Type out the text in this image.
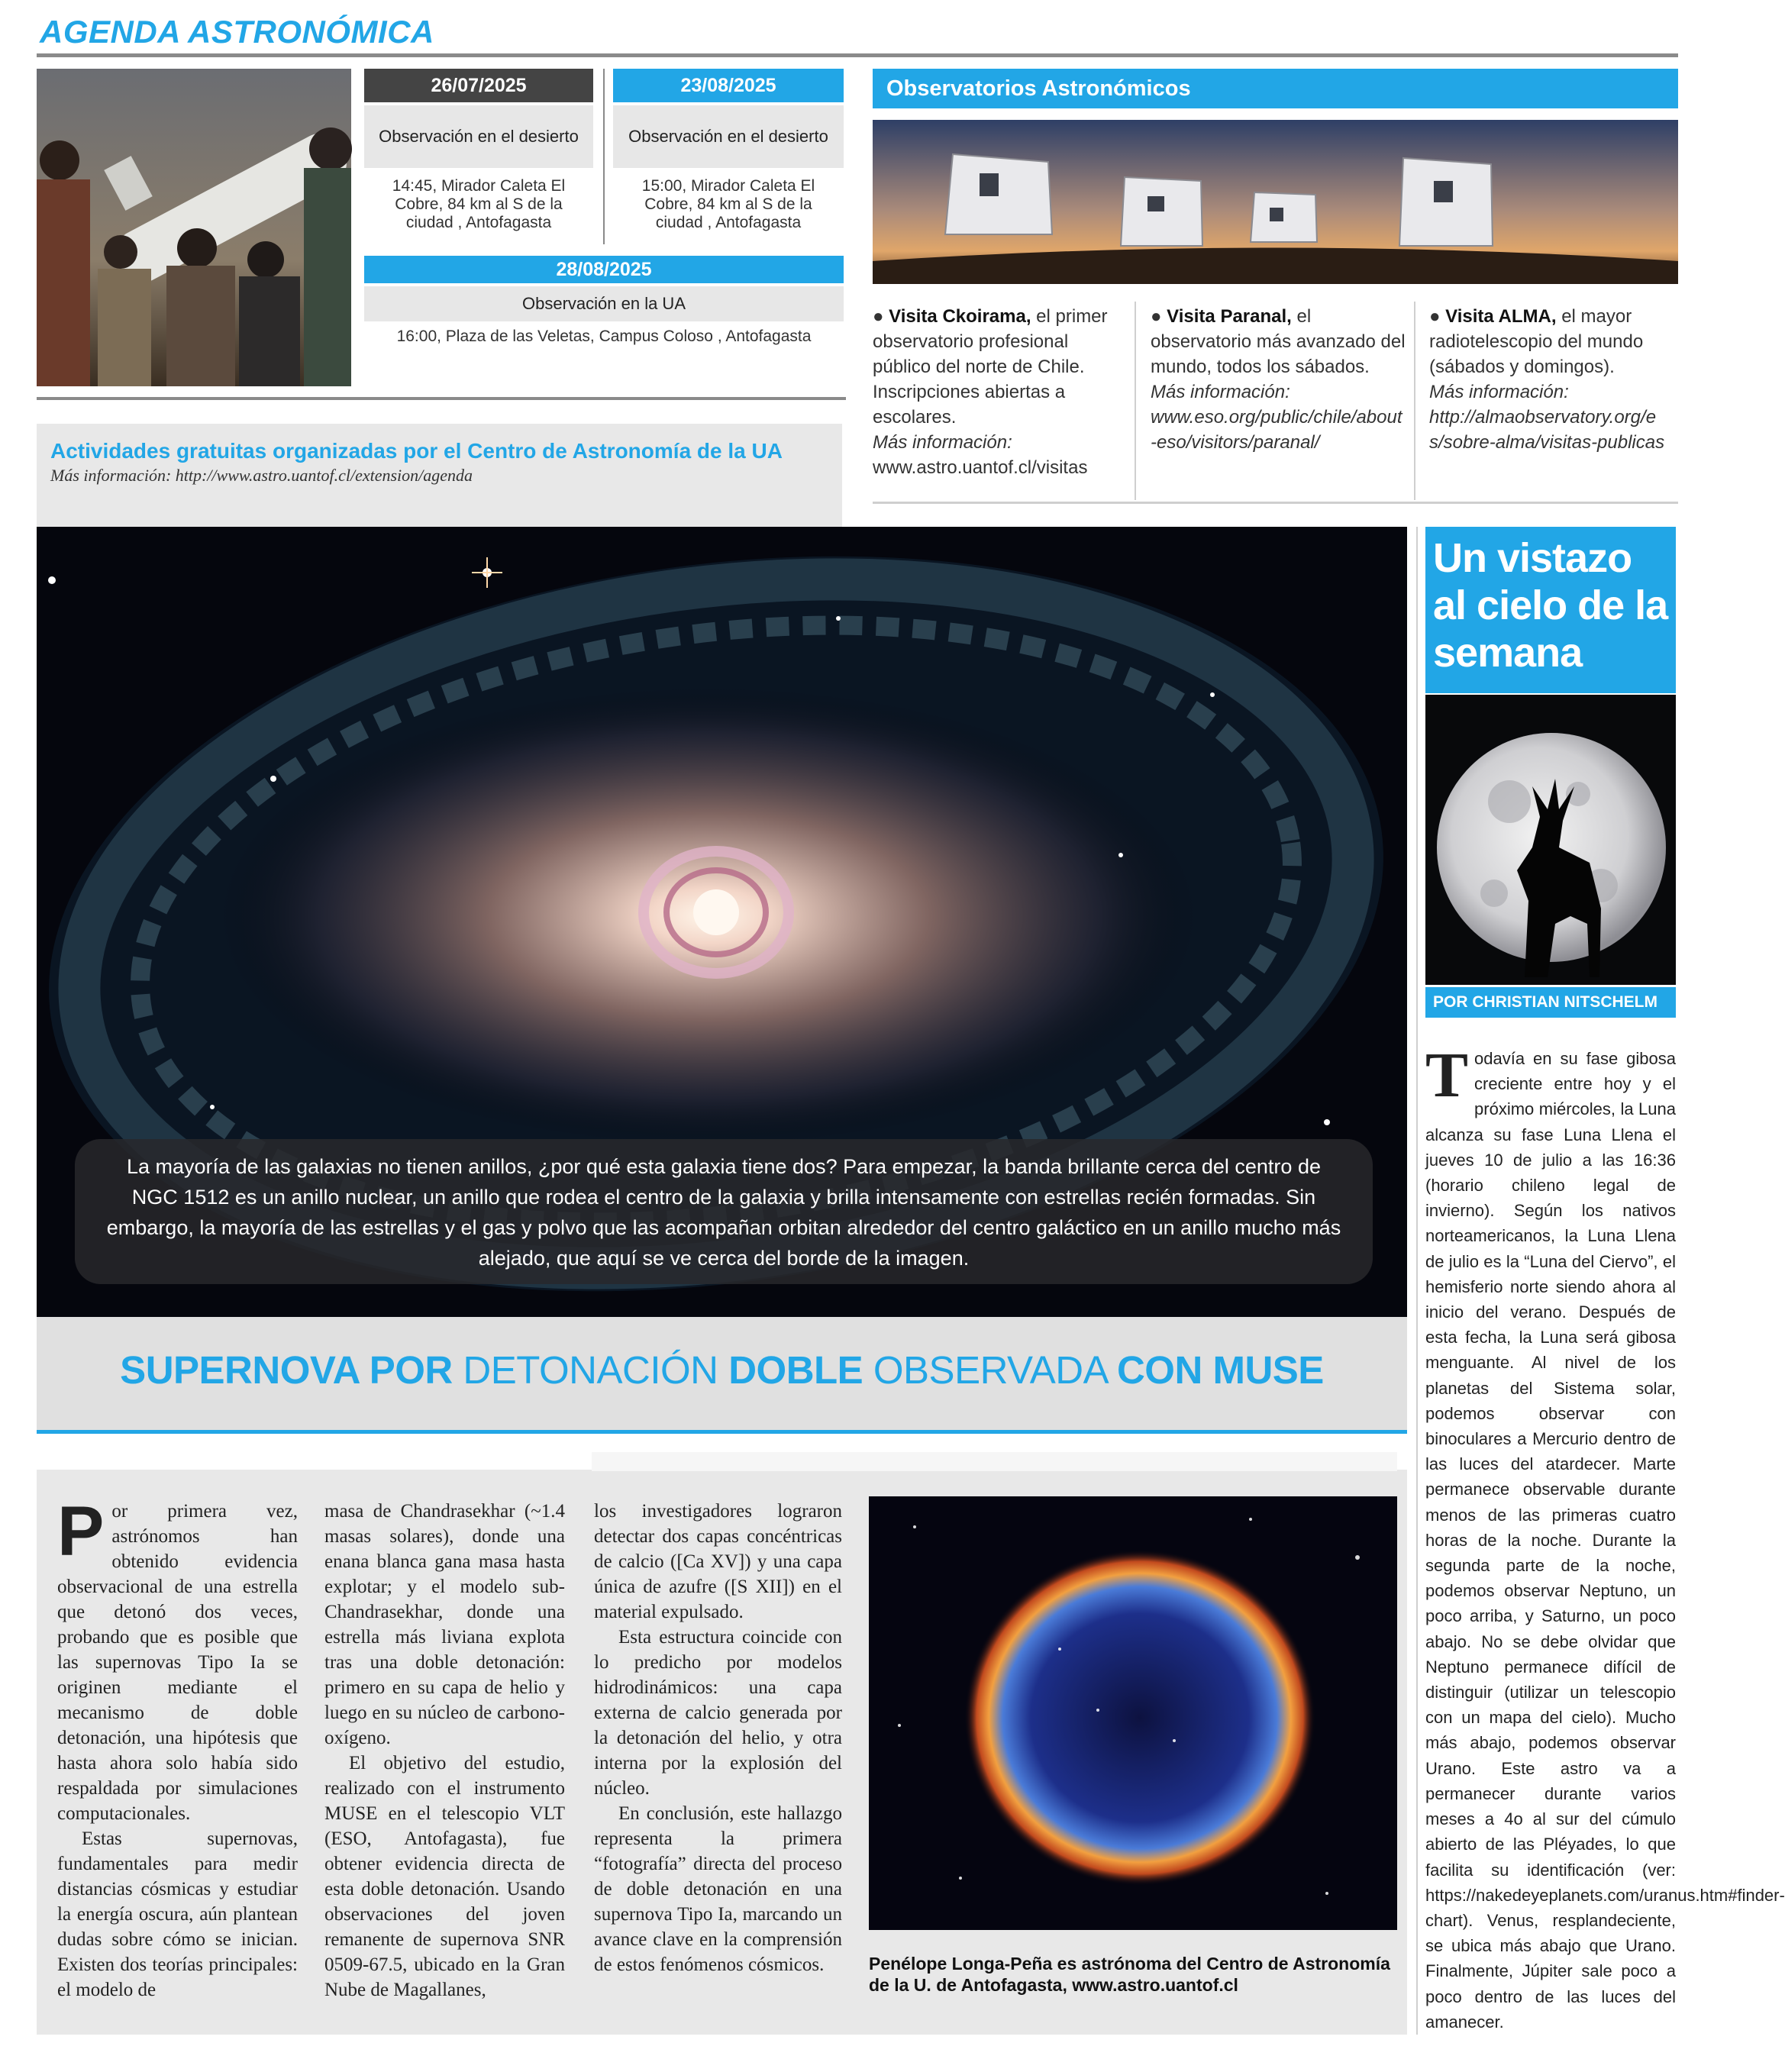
AGENDA ASTRONÓMICA
26/07/2025
Observación en el desierto
14:45, Mirador Caleta El Cobre, 84 km al S de la ciudad , Antofagasta
23/08/2025
Observación en el desierto
15:00, Mirador Caleta El Cobre, 84 km al S de la ciudad , Antofagasta
28/08/2025
Observación en la UA
16:00, Plaza de las Veletas, Campus Coloso , Antofagasta
Actividades gratuitas organizadas por el Centro de Astronomía de la UA
Más información: http://www.astro.uantof.cl/extension/agenda
Observatorios Astronómicos
● Visita Ckoirama, el primer observatorio profesional público del norte de Chile. Inscripciones abiertas a escolares.
Más información:
www.astro.uantof.cl/visitas
● Visita Paranal, el observatorio más avanzado del mundo, todos los sábados.
Más información:
www.eso.org/public/chile/about-eso/visitors/paranal/
● Visita ALMA, el mayor radiotelescopio del mundo (sábados y domingos).
Más información:
http://almaobservatory.org/es/sobre-alma/visitas-publicas
La mayoría de las galaxias no tienen anillos, ¿por qué esta galaxia tiene dos? Para empezar, la banda brillante cerca del centro de NGC 1512 es un anillo nuclear, un anillo que rodea el centro de la galaxia y brilla intensamente con estrellas recién formadas. Sin embargo, la mayoría de las estrellas y el gas y polvo que las acompañan orbitan alrededor del centro galáctico en un anillo mucho más alejado, que aquí se ve cerca del borde de la imagen.
SUPERNOVA POR DETONACIÓN DOBLE OBSERVADA CON MUSE

Por primera vez, astrónomos han obtenido evidencia observacional de una estrella que detonó dos veces, probando que es posible que las supernovas Tipo Ia se originen mediante el mecanismo de doble detonación, una hipótesis que hasta ahora solo había sido respaldada por simulaciones computacionales.

Estas supernovas, fundamentales para medir distancias cósmicas y estudiar la energía oscura, aún plantean dudas sobre cómo se inician. Existen dos teorías principales: el modelo de

masa de Chandrasekhar (~1.4 masas solares), donde una enana blanca gana masa hasta explotar; y el modelo sub-Chandrasekhar, donde una estrella más liviana explota tras una doble detonación: primero en su capa de helio y luego en su núcleo de carbono-oxígeno.

El objetivo del estudio, realizado con el instrumento MUSE en el telescopio VLT (ESO, Antofagasta), fue obtener evidencia directa de esta doble detonación. Usando observaciones del joven remanente de supernova SNR 0509-67.5, ubicado en la Gran Nube de Magallanes,

los investigadores lograron detectar dos capas concéntricas de calcio ([Ca XV]) y una capa única de azufre ([S XII]) en el material expulsado.

Esta estructura coincide con lo predicho por modelos hidrodinámicos: una capa externa de calcio generada por la detonación del helio, y otra interna por la explosión del núcleo.

En conclusión, este hallazgo representa la primera “fotografía” directa del proceso de doble detonación en una supernova Tipo Ia, marcando un avance clave en la comprensión de estos fenómenos cósmicos.	Penélope Longa-Peña es astrónoma del Centro de Astronomía de la U. de Antofagasta, www.astro.uantof.cl
Un vistazo al cielo de la semana
POR CHRISTIAN NITSCHELM
Todavía en su fase gibosa creciente entre hoy y el próximo miércoles, la Luna alcanza su fase Luna Llena el jueves 10 de julio a las 16:36 (horario chileno legal de invierno). Según los nativos norteamericanos, la Luna Llena de julio es la “Luna del Ciervo”, el hemisferio norte siendo ahora al inicio del verano. Después de esta fecha, la Luna será gibosa menguante. Al nivel de los planetas del Sistema solar, podemos observar con binoculares a Mercurio dentro de las luces del atardecer. Marte permanece observable durante menos de las primeras cuatro horas de la noche. Durante la segunda parte de la noche, podemos observar Neptuno, un poco arriba, y Saturno, un poco abajo. No se debe olvidar que Neptuno permanece difícil de distinguir (utilizar un telescopio con un mapa del cielo). Mucho más abajo, podemos observar Urano. Este astro va a permanecer durante varios meses a 4o al sur del cúmulo abierto de las Pléyades, lo que facilita su identificación (ver: https://nakedeyeplanets.com/uranus.htm#finder-chart). Venus, resplandeciente, se ubica más abajo que Urano. Finalmente, Júpiter sale poco a poco dentro de las luces del amanecer.
